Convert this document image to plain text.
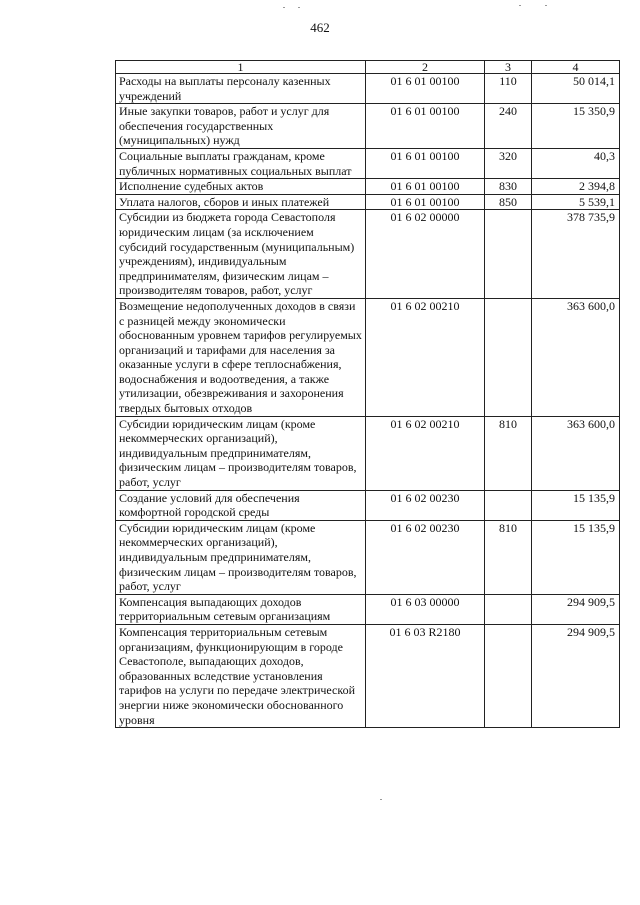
462
1	2	3	4
Расходы на выплаты персоналу казенных учреждений	01 6 01 00100	110	50 014,1
Иные закупки товаров, работ и услуг для обеспечения государственных (муниципальных) нужд	01 6 01 00100	240	15 350,9
Социальные выплаты гражданам, кроме публичных нормативных социальных выплат	01 6 01 00100	320	40,3
Исполнение судебных актов	01 6 01 00100	830	2 394,8
Уплата налогов, сборов и иных платежей	01 6 01 00100	850	5 539,1
Субсидии из бюджета города Севастополя юридическим лицам (за исключением субсидий государственным (муниципальным) учреждениям), индивидуальным предпринимателям, физическим лицам – производителям товаров, работ, услуг	01 6 02 00000		378 735,9
Возмещение недополученных доходов в связи с разницей между экономически обоснованным уровнем тарифов регулируемых организаций и тарифами для населения за оказанные услуги в сфере теплоснабжения, водоснабжения и водоотведения, а также утилизации, обезвреживания и захоронения твердых бытовых отходов	01 6 02 00210		363 600,0
Субсидии юридическим лицам (кроме некоммерческих организаций), индивидуальным предпринимателям, физическим лицам – производителям товаров, работ, услуг	01 6 02 00210	810	363 600,0
Создание условий для обеспечения комфортной городской среды	01 6 02 00230		15 135,9
Субсидии юридическим лицам (кроме некоммерческих организаций), индивидуальным предпринимателям, физическим лицам – производителям товаров, работ, услуг	01 6 02 00230	810	15 135,9
Компенсация выпадающих доходов территориальным сетевым организациям	01 6 03 00000		294 909,5
Компенсация территориальным сетевым организациям, функционирующим в городе Севастополе, выпадающих доходов, образованных вследствие установления тарифов на услуги по передаче электрической энергии ниже экономически обоснованного уровня	01 6 03 R2180		294 909,5
